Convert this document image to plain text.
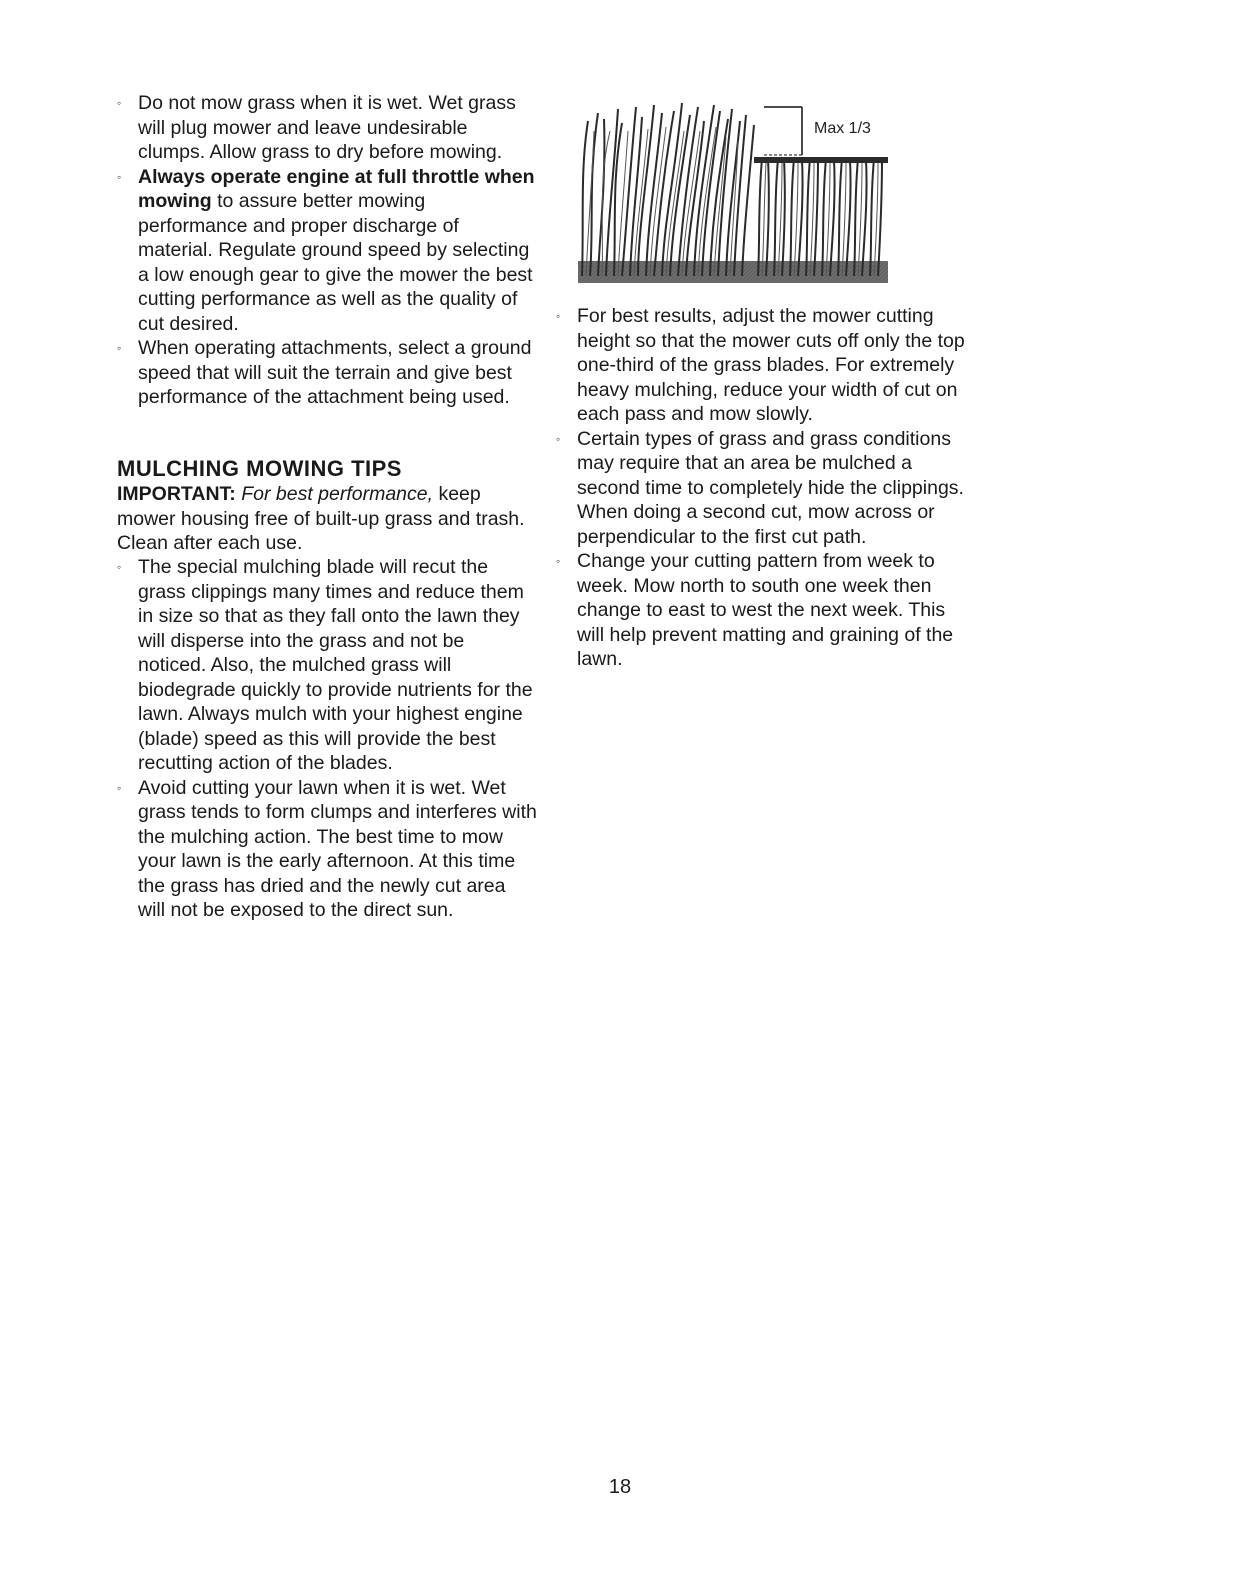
◦ Do not mow grass when it is wet. Wet grass will plug mower and leave undesirable clumps. Allow grass to dry before mowing.
◦ Always operate engine at full throttle when mowing to assure better mowing performance and proper discharge of material. Regulate ground speed by selecting a low enough gear to give the mower the best cutting performance as well as the quality of cut desired.
◦ When operating attachments, select a ground speed that will suit the terrain and give best performance of the attachment being used.
MULCHING MOWING TIPS

IMPORTANT: For best performance, keep mower housing free of built-up grass and trash. Clean after each use.

◦ The special mulching blade will recut the grass clippings many times and reduce them in size so that as they fall onto the lawn they will disperse into the grass and not be noticed. Also, the mulched grass will biodegrade quickly to provide nutrients for the lawn. Always mulch with your highest engine (blade) speed as this will provide the best recutting action of the blades.
◦ Avoid cutting your lawn when it is wet. Wet grass tends to form clumps and interferes with the mulching action. The best time to mow your lawn is the early afternoon. At this time the grass has dried and the newly cut area will not be exposed to the direct sun.
Max 1/3
◦ For best results, adjust the mower cutting height so that the mower cuts off only the top one-third of the grass blades. For extremely heavy mulching, reduce your width of cut on each pass and mow slowly.
◦ Certain types of grass and grass conditions may require that an area be mulched a second time to completely hide the clippings. When doing a second cut, mow across or perpendicular to the first cut path.
◦ Change your cutting pattern from week to week. Mow north to south one week then change to east to west the next week. This will help prevent matting and graining of the lawn.
18
